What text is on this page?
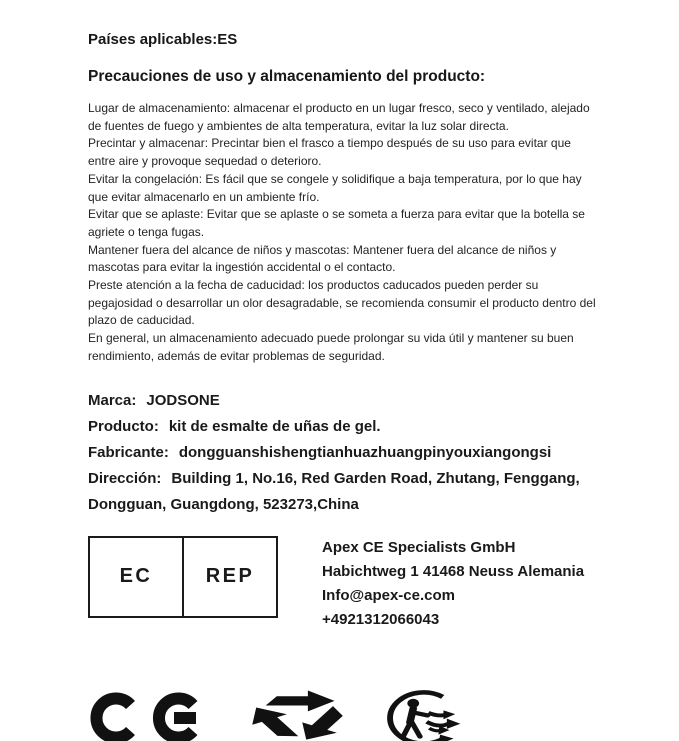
Países aplicables:ES

Precauciones de uso y almacenamiento del producto:

Lugar de almacenamiento: almacenar el producto en un lugar fresco, seco y ventilado, alejado de fuentes de fuego y ambientes de alta temperatura, evitar la luz solar directa.

Precintar y almacenar: Precintar bien el frasco a tiempo después de su uso para evitar que entre aire y provoque sequedad o deterioro.

Evitar la congelación: Es fácil que se congele y solidifique a baja temperatura, por lo que hay que evitar almacenarlo en un ambiente frío.

Evitar que se aplaste: Evitar que se aplaste o se someta a fuerza para evitar que la botella se agriete o tenga fugas.

Mantener fuera del alcance de niños y mascotas: Mantener fuera del alcance de niños y mascotas para evitar la ingestión accidental o el contacto.

Preste atención a la fecha de caducidad: los productos caducados pueden perder su pegajosidad o desarrollar un olor desagradable, se recomienda consumir el producto dentro del plazo de caducidad.

En general, un almacenamiento adecuado puede prolongar su vida útil y mantener su buen rendimiento, además de evitar problemas de seguridad.

Marca: JODSONE
Producto: kit de esmalte de uñas de gel.
Fabricante: dongguanshishengtianhuazhuangpinyouxiangongsi
Dirección: Building 1, No.16, Red Garden Road, Zhutang, Fenggang, Dongguan, Guangdong, 523273,China
EC	REP
Apex CE Specialists GmbH
Habichtweg 1 41468 Neuss Alemania
Info@apex-ce.com
+4921312066043
